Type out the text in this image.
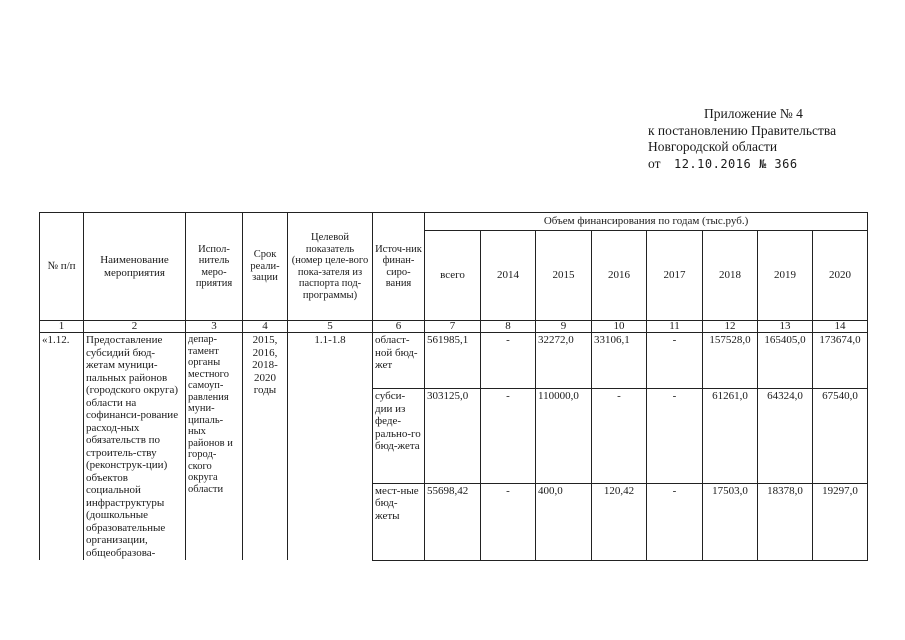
Приложение № 4
к постановлению Правительства
Новгородской области
от 12.10.2016 № 366
№ п/п	Наименование мероприятия	Испол-нитель меро-приятия	Срок реали-зации	Целевой показатель (номер целе-вого пока-зателя из паспорта под-программы)	Источ-ник финан-сиро-вания	Объем финансирования по годам (тыс.руб.)							
						всего	2014	2015	2016	2017	2018	2019	2020
1	2	3	4	5	6	7	8	9	10	11	12	13	14
«1.12.	Предоставление субсидий бюд-жетам муници-пальных районов (городского округа) области на софинанси-рование расход-ных обязательств по строитель-ству (реконструк-ции) объектов социальной инфраструктуры (дошкольные образовательные организации, общеобразова-	депар-тамент органы местного самоуп-равления муни-ципаль-ных районов и город-ского округа области	2015, 2016, 2018-2020 годы	1.1-1.8	област-ной бюд-жет	561985,1	-	32272,0	33106,1	-	157528,0	165405,0	173674,0
					субси-дии из феде-рально-го бюд-жета	303125,0	-	110000,0	-	-	61261,0	64324,0	67540,0
					мест-ные бюд-жеты	55698,42	-	400,0	120,42	-	17503,0	18378,0	19297,0
